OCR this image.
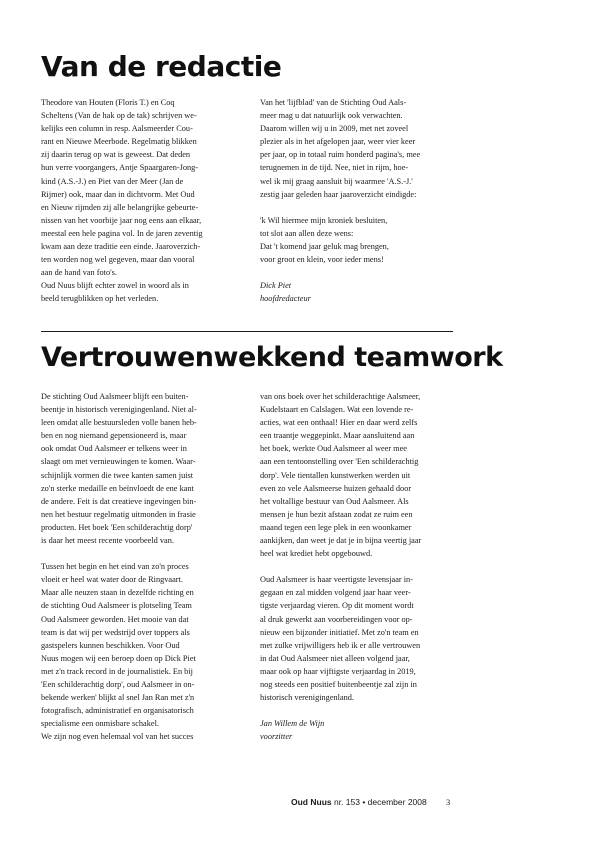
Van de redactie

Theodore van Houten (Floris T.) en Coq

Scheltens (Van de hak op de tak) schrijven we-

kelijks een column in resp. Aalsmeerder Cou-

rant en Nieuwe Meerbode. Regelmatig blikken

zij daarin terug op wat is geweest. Dat deden

hun verre voorgangers, Antje Spaargaren-Jong-

kind (A.S.-J.) en Piet van der Meer (Jan de

Rijmer) ook, maar dan in dichtvorm. Met Oud

en Nieuw rijmden zij alle belangrijke gebeurte-

nissen van het voorbije jaar nog eens aan elkaar,

meestal een hele pagina vol. In de jaren zeventig

kwam aan deze traditie een einde. Jaaroverzich-

ten worden nog wel gegeven, maar dan vooral

aan de hand van foto's.

Oud Nuus blijft echter zowel in woord als in

beeld terugblikken op het verleden.

Van het 'lijfblad' van de Stichting Oud Aals-

meer mag u dat natuurlijk ook verwachten.

Daarom willen wij u in 2009, met net zoveel

plezier als in het afgelopen jaar, weer vier keer

per jaar, op in totaal ruim honderd pagina's, mee

terugnemen in de tijd. Nee, niet in rijm, hoe-

wel ik mij graag aansluit bij waarmee 'A.S.-J.'

zestig jaar geleden haar jaaroverzicht eindigde:

'k Wil hiermee mijn kroniek besluiten,

tot slot aan allen deze wens:

Dat 't komend jaar geluk mag brengen,

voor groot en klein, voor ieder mens!

Dick Piet

hoofdredacteur

Vertrouwenwekkend teamwork

De stichting Oud Aalsmeer blijft een buiten-

beentje in historisch verenigingenland. Niet al-

leen omdat alle bestuursleden volle banen heb-

ben en nog niemand gepensioneerd is, maar

ook omdat Oud Aalsmeer er telkens weer in

slaagt om met vernieuwingen te komen. Waar-

schijnlijk vormen die twee kanten samen juist

zo'n sterke medaille en beïnvloedt de ene kant

de andere. Feit is dat creatieve ingevingen bin-

nen het bestuur regelmatig uitmonden in frasie

producten. Het boek 'Een schilderachtig dorp'

is daar het meest recente voorbeeld van.

Tussen het begin en het eind van zo'n proces

vloeit er heel wat water door de Ringvaart.

Maar alle neuzen staan in dezelfde richting en

de stichting Oud Aalsmeer is plotseling Team

Oud Aalsmeer geworden. Het mooie van dat

team is dat wij per wedstrijd over toppers als

gastspelers kunnen beschikken. Voor Oud

Nuus mogen wij een beroep doen op Dick Piet

met z'n track record in de journalistiek. En bij

'Een schilderachtig dorp', oud Aalsmeer in on-

bekende werken' blijkt al snel Jan Ran met z'n

fotografisch, administratief en organisatorisch

specialisme een onmisbare schakel.

We zijn nog even helemaal vol van het succes

van ons boek over het schilderachtige Aalsmeer,

Kudelstaart en Calslagen. Wat een lovende re-

acties, wat een onthaal! Hier en daar werd zelfs

een traantje weggepinkt. Maar aansluitend aan

het boek, werkte Oud Aalsmeer al weer mee

aan een tentoonstelling over 'Een schilderachtig

dorp'. Vele tientallen kunstwerken werden uit

even zo vele Aalsmeerse huizen gehaald door

het voltallige bestuur van Oud Aalsmeer. Als

mensen je hun bezit afstaan zodat ze ruim een

maand tegen een lege plek in een woonkamer

aankijken, dan weet je dat je in bijna veertig jaar

heel wat krediet hebt opgebouwd.

Oud Aalsmeer is haar veertigste levensjaar in-

gegaan en zal midden volgend jaar haar veer-

tigste verjaardag vieren. Op dit moment wordt

al druk gewerkt aan voorbereidingen voor op-

nieuw een bijzonder initiatief. Met zo'n team en

met zulke vrijwilligers heb ik er alle vertrouwen

in dat Oud Aalsmeer niet alleen volgend jaar,

maar ook op haar vijftigste verjaardag in 2019,

nog steeds een positief buitenbeentje zal zijn in

historisch verenigingenland.

Jan Willem de Wijn

voorzitter

Oud Nuus nr. 153 • december 2008 3
